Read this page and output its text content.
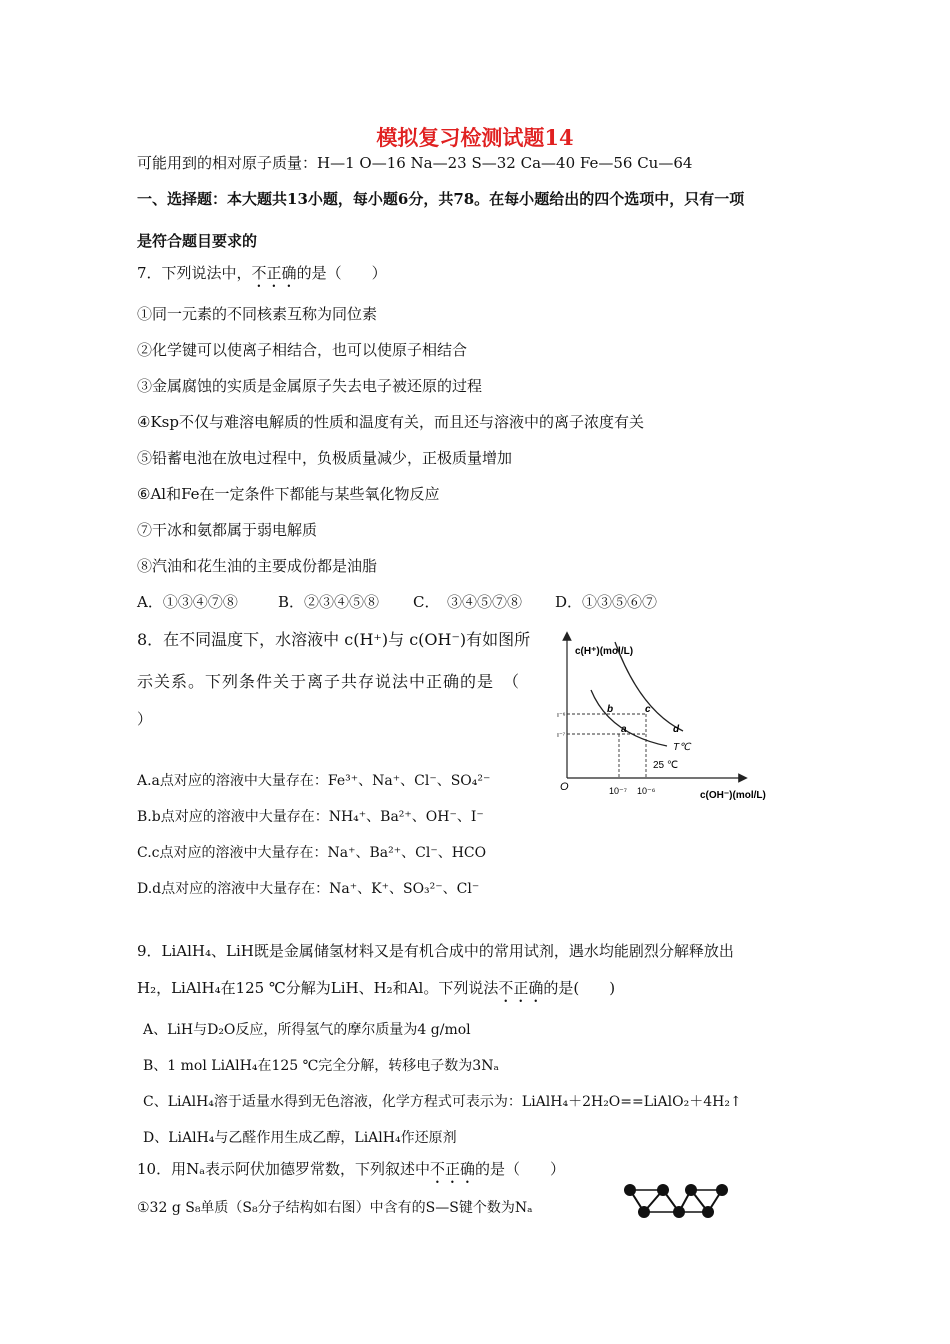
模拟复习检测试题14
可能用到的相对原子质量：H—1 O—16 Na—23 S—32 Ca—40 Fe—56 Cu—64
一、选择题：本大题共13小题，每小题6分，共78。在每小题给出的四个选项中，只有一项
是符合题目要求的
7．下列说法中，不正确的是（　　）
①同一元素的不同核素互称为同位素
②化学键可以使离子相结合，也可以使原子相结合
③金属腐蚀的实质是金属原子失去电子被还原的过程
④Ksp不仅与难溶电解质的性质和温度有关，而且还与溶液中的离子浓度有关
⑤铅蓄电池在放电过程中，负极质量减少，正极质量增加
⑥Al和Fe在一定条件下都能与某些氧化物反应
⑦干冰和氨都属于弱电解质
⑧汽油和花生油的主要成份都是油脂
A．①③④⑦⑧	B．②③④⑤⑧ C．　③④⑤⑦⑧ D．①③⑤⑥⑦
8．在不同温度下，水溶液中 c(H⁺)与 c(OH⁻)有如图所
示关系。下列条件关于离子共存说法中正确的是　（
）
A.a点对应的溶液中大量存在：Fe³⁺、Na⁺、Cl⁻、SO₄²⁻
B.b点对应的溶液中大量存在：NH₄⁺、Ba²⁺、OH⁻、I⁻
C.c点对应的溶液中大量存在：Na⁺、Ba²⁺、Cl⁻、HCO
D.d点对应的溶液中大量存在：Na⁺、K⁺、SO₃²⁻、Cl⁻
c(H⁺)(mol/L)
c(OH⁻)(mol/L)
O	10⁻⁷ 10⁻⁶
ı⁻⁶
ı⁻⁷
b	c
a	d
T℃
25 ℃
9．LiAlH₄、LiH既是金属储氢材料又是有机合成中的常用试剂，遇水均能剧烈分解释放出
H₂，LiAlH₄在125 ℃分解为LiH、H₂和Al。下列说法不正确的是(　　)
A、LiH与D₂O反应，所得氢气的摩尔质量为4 g/mol
B、1 mol LiAlH₄在125 ℃完全分解，转移电子数为3Nₐ
C、LiAlH₄溶于适量水得到无色溶液，化学方程式可表示为：LiAlH₄＋2H₂O==LiAlO₂＋4H₂↑
D、LiAlH₄与乙醛作用生成乙醇，LiAlH₄作还原剂
10．用Nₐ表示阿伏加德罗常数，下列叙述中不正确的是（　　）
①32 g S₈单质（S₈分子结构如右图）中含有的S—S键个数为Nₐ
